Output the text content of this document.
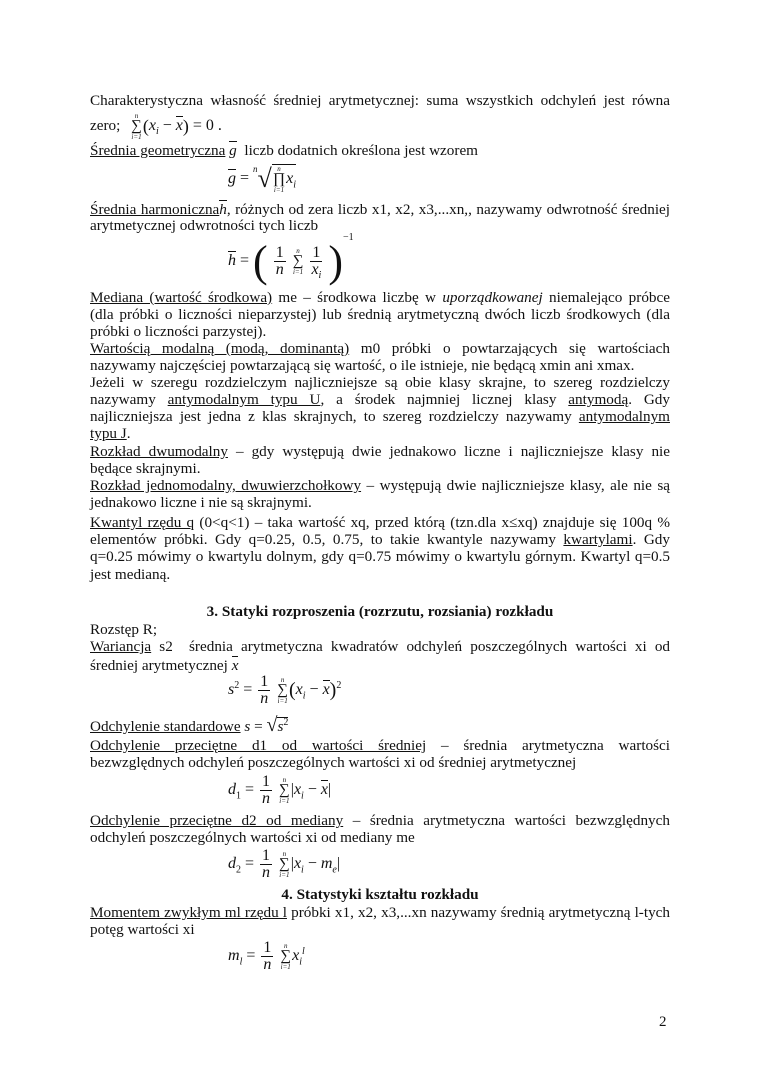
Charakterystyczna własność średniej arytmetycznej: suma wszystkich odchyleń jest równa
zero;
n
∑
i=1
$(x_i - x) = 0$ .
Średnia geometryczna g liczb dodatnich określona jest wzorem
g = $^n$√ n
∏
i=1
$x_i$
Średnia harmonicznah, różnych od zera liczb x1, x2, x3,...xn,, nazywamy odwrotność średniej
arytmetycznej odwrotności tych liczb
h = ( $\frac{1}{n}$
	n
∑
i=1
$\frac{1}{x_i} )^{-1}$
Mediana (wartość środkowa) me – środkowa liczbę w uporządkowanej niemalejąco próbce
(dla próbki o liczności nieparzystej) lub średnią arytmetyczną dwóch liczb środkowych (dla
próbki o liczności parzystej).
Wartością modalną (modą, dominantą) m0 próbki o powtarzających się wartościach
nazywamy najczęściej powtarzającą się wartość, o ile istnieje, nie będącą xmin ani xmax.
Jeżeli w szeregu rozdzielczym najliczniejsze są obie klasy skrajne, to szereg rozdzielczy
nazywamy antymodalnym typu U, a środek najmniej licznej klasy antymodą. Gdy
najliczniejsza jest jedna z klas skrajnych, to szereg rozdzielczy nazywamy antymodalnym
typu J.
Rozkład dwumodalny – gdy występują dwie jednakowo liczne i najliczniejsze klasy nie
będące skrajnymi.
Rozkład jednomodalny, dwuwierzchołkowy – występują dwie najliczniejsze klasy, ale nie są
jednakowo liczne i nie są skrajnymi.
Kwantyl rzędu q (0<q<1) – taka wartość xq, przed którą (tzn.dla x≤xq) znajduje się 100q %
elementów próbki. Gdy q=0.25, 0.5, 0.75, to takie kwantyle nazywamy kwartylami. Gdy
q=0.25 mówimy o kwartylu dolnym, gdy q=0.75 mówimy o kwartylu górnym. Kwartyl q=0.5
jest medianą.
3. Statyki rozproszenia (rozrzutu, rozsiania) rozkładu
Rozstęp R;
Wariancja s2 średnia arytmetyczna kwadratów odchyleń poszczególnych wartości xi od
średniej arytmetycznej x
$s^2 = \frac{1}{n}$
	n
∑
i=1 $(x_i - x)^2$
Odchylenie standardowe $s = √s^2$
Odchylenie przeciętne d1 od wartości średniej – średnia arytmetyczna wartości
bezwzględnych odchyleń poszczególnych wartości xi od średniej arytmetycznej
$d_1 = \frac{1}{n}$
	n
∑
i=1
$|x_i - x|$
Odchylenie przeciętne d2 od mediany – średnia arytmetyczna wartości bezwzględnych
odchyleń poszczególnych wartości xi od mediany me
$d_2 = \frac{1}{n}$
	n
∑
i=1
$|x_i - m_e|$
4. Statystyki kształtu rozkładu
Momentem zwykłym ml rzędu l próbki x1, x2, x3,...xn nazywamy średnią arytmetyczną l-tych
potęg wartości xi
$m_l = \frac{1}{n}$
	n
∑
i=1
$x_i^l$
2
